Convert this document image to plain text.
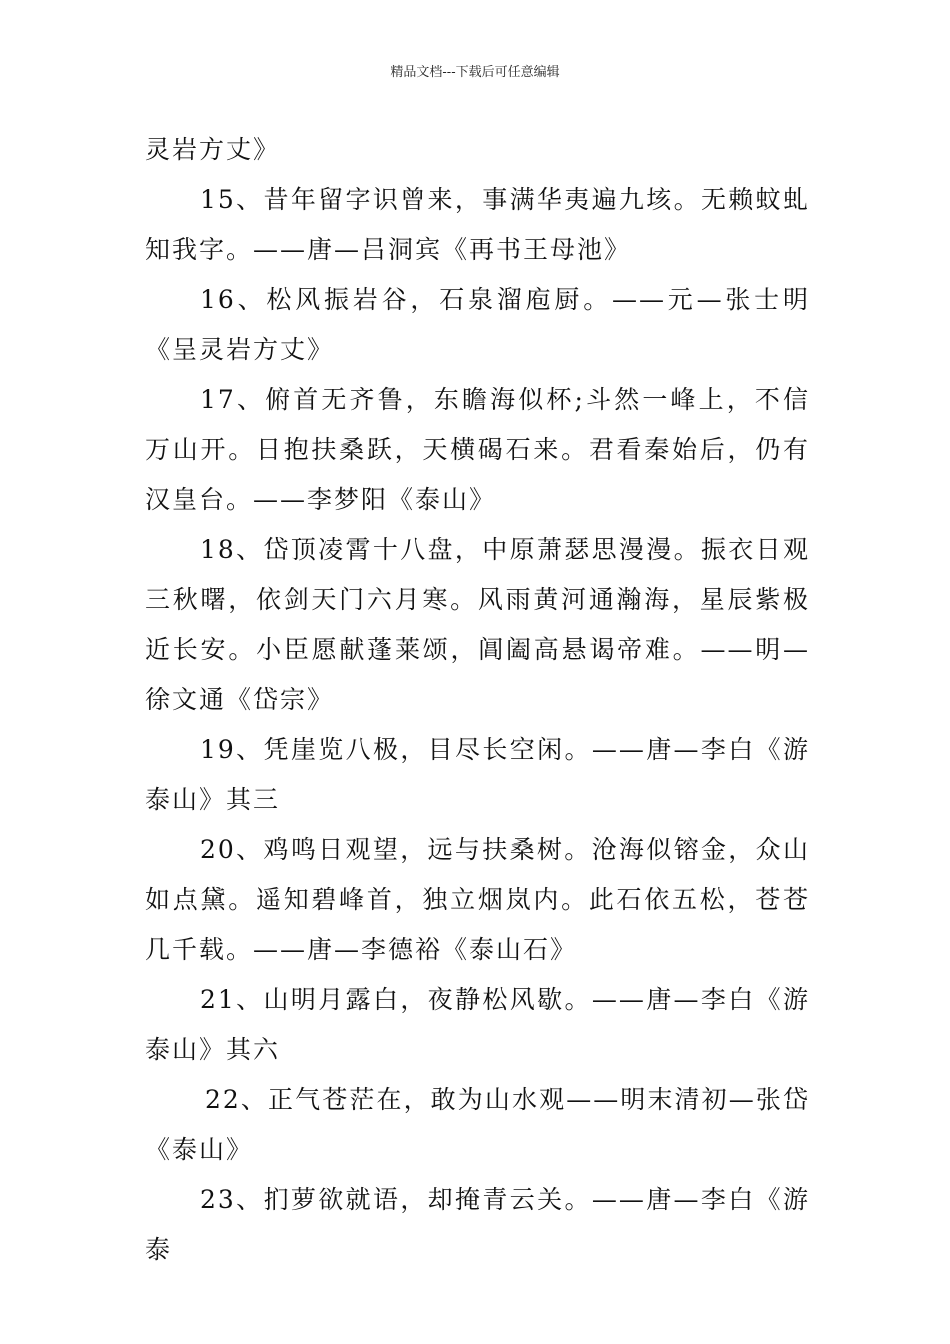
精品文档---下载后可任意编辑

灵岩方丈》

15、昔年留字识曾来，事满华夷遍九垓。无赖蚊虬知我字。——唐—吕洞宾《再书王母池》

16、松风振岩谷，石泉溜庖厨。——元—张士明《呈灵岩方丈》

17、俯首无齐鲁，东瞻海似杯;斗然一峰上，不信万山开。日抱扶桑跃，天横碣石来。君看秦始后，仍有汉皇台。——李梦阳《泰山》

18、岱顶凌霄十八盘，中原萧瑟思漫漫。振衣日观三秋曙，依剑天门六月寒。风雨黄河通瀚海，星辰紫极近长安。小臣愿献蓬莱颂，阊阖高悬谒帝难。——明—徐文通《岱宗》

19、凭崖览八极，目尽长空闲。——唐—李白《游泰山》其三

20、鸡鸣日观望，远与扶桑树。沧海似镕金，众山如点黛。遥知碧峰首，独立烟岚内。此石依五松，苍苍几千载。——唐—李德裕《泰山石》

21、山明月露白，夜静松风歇。——唐—李白《游泰山》其六

22、正气苍茫在，敢为山水观——明末清初—张岱《泰山》

23、扪萝欲就语，却掩青云关。——唐—李白《游泰
